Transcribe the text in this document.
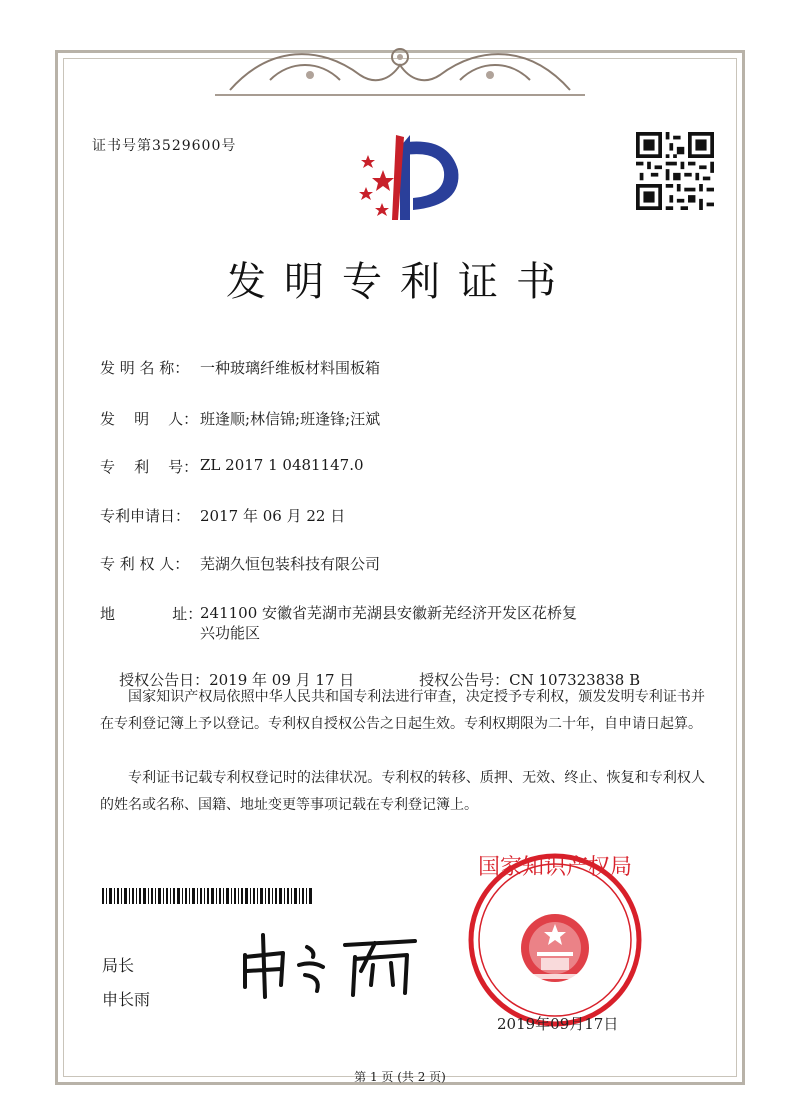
证书号第3529600号
发明专利证书
发 明 名 称： 一种玻璃纤维板材料围板箱
发    明    人： 班逢顺;林信锦;班逢锋;汪斌
专    利    号： ZL 2017 1 0481147.0
专利申请日： 2017 年 06 月 22 日
专 利 权 人： 芜湖久恒包装科技有限公司
地            址：
241100 安徽省芜湖市芜湖县安徽新芜经济开发区花桥复兴功能区

授权公告日：2019 年 09 月 17 日
	授权公告号：CN 107323838 B

国家知识产权局依照中华人民共和国专利法进行审查，决定授予专利权，颁发发明专利证书并在专利登记簿上予以登记。专利权自授权公告之日起生效。专利权期限为二十年，自申请日起算。
专利证书记载专利权登记时的法律状况。专利权的转移、质押、无效、终止、恢复和专利权人的姓名或名称、国籍、地址变更等事项记载在专利登记簿上。
局长
申长雨
国家知识产权局
2019年09月17日
第 1 页 (共 2 页)
